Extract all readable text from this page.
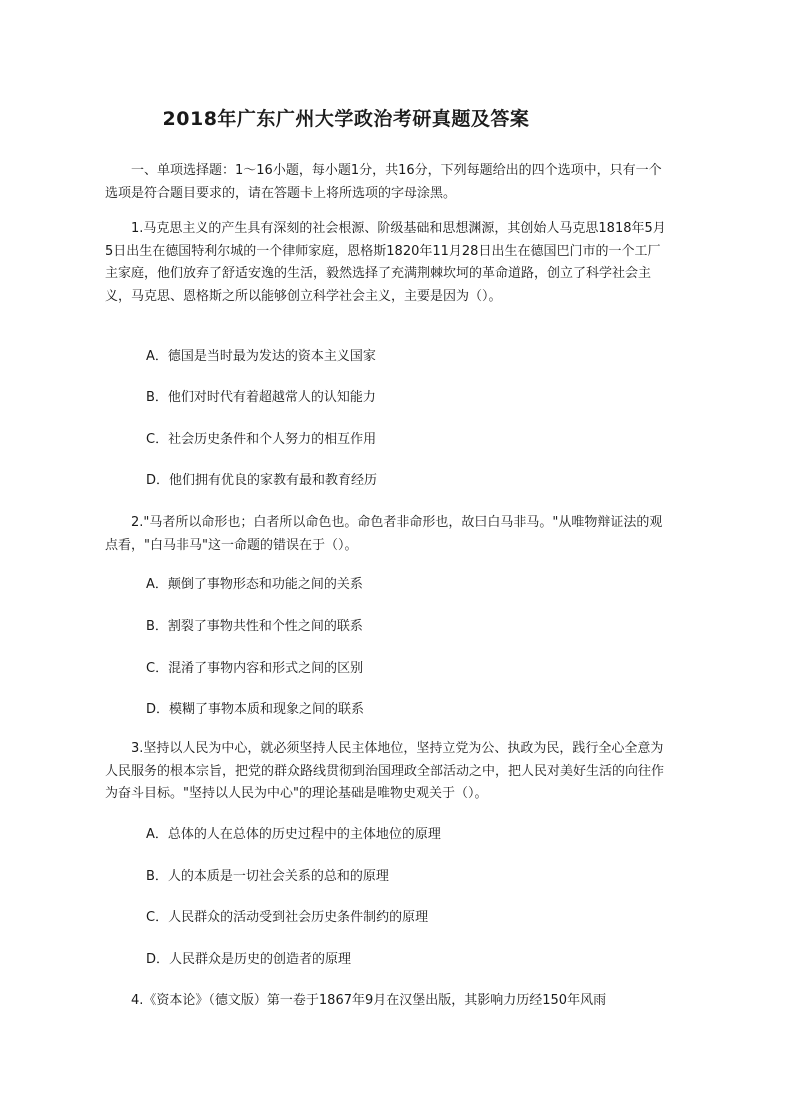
2018年广东广州大学政治考研真题及答案

一、单项选择题：1～16小题，每小题1分，共16分，下列每题给出的四个选项中，只有一个选项是符合题目要求的，请在答题卡上将所选项的字母涂黑。

1.马克思主义的产生具有深刻的社会根源、阶级基础和思想渊源，其创始人马克思1818年5月5日出生在德国特利尔城的一个律师家庭，恩格斯1820年11月28日出生在德国巴门市的一个工厂主家庭，他们放弃了舒适安逸的生活，毅然选择了充满荆棘坎坷的革命道路，创立了科学社会主义，马克思、恩格斯之所以能够创立科学社会主义，主要是因为（）。

A．德国是当时最为发达的资本主义国家

B．他们对时代有着超越常人的认知能力

C．社会历史条件和个人努力的相互作用

D．他们拥有优良的家教有最和教育经历

2."马者所以命形也；白者所以命色也。命色者非命形也，故曰白马非马。"从唯物辩证法的观点看，"白马非马"这一命题的错误在于（）。

A．颠倒了事物形态和功能之间的关系

B．割裂了事物共性和个性之间的联系

C．混淆了事物内容和形式之间的区别

D．模糊了事物本质和现象之间的联系

3.坚持以人民为中心，就必须坚持人民主体地位，坚持立党为公、执政为民，践行全心全意为人民服务的根本宗旨，把党的群众路线贯彻到治国理政全部活动之中，把人民对美好生活的向往作为奋斗目标。"坚持以人民为中心"的理论基础是唯物史观关于（）。

A．总体的人在总体的历史过程中的主体地位的原理

B．人的本质是一切社会关系的总和的原理

C．人民群众的活动受到社会历史条件制约的原理

D．人民群众是历史的创造者的原理

4.《资本论》（德文版）第一卷于1867年9月在汉堡出版，其影响力历经150年风雨
